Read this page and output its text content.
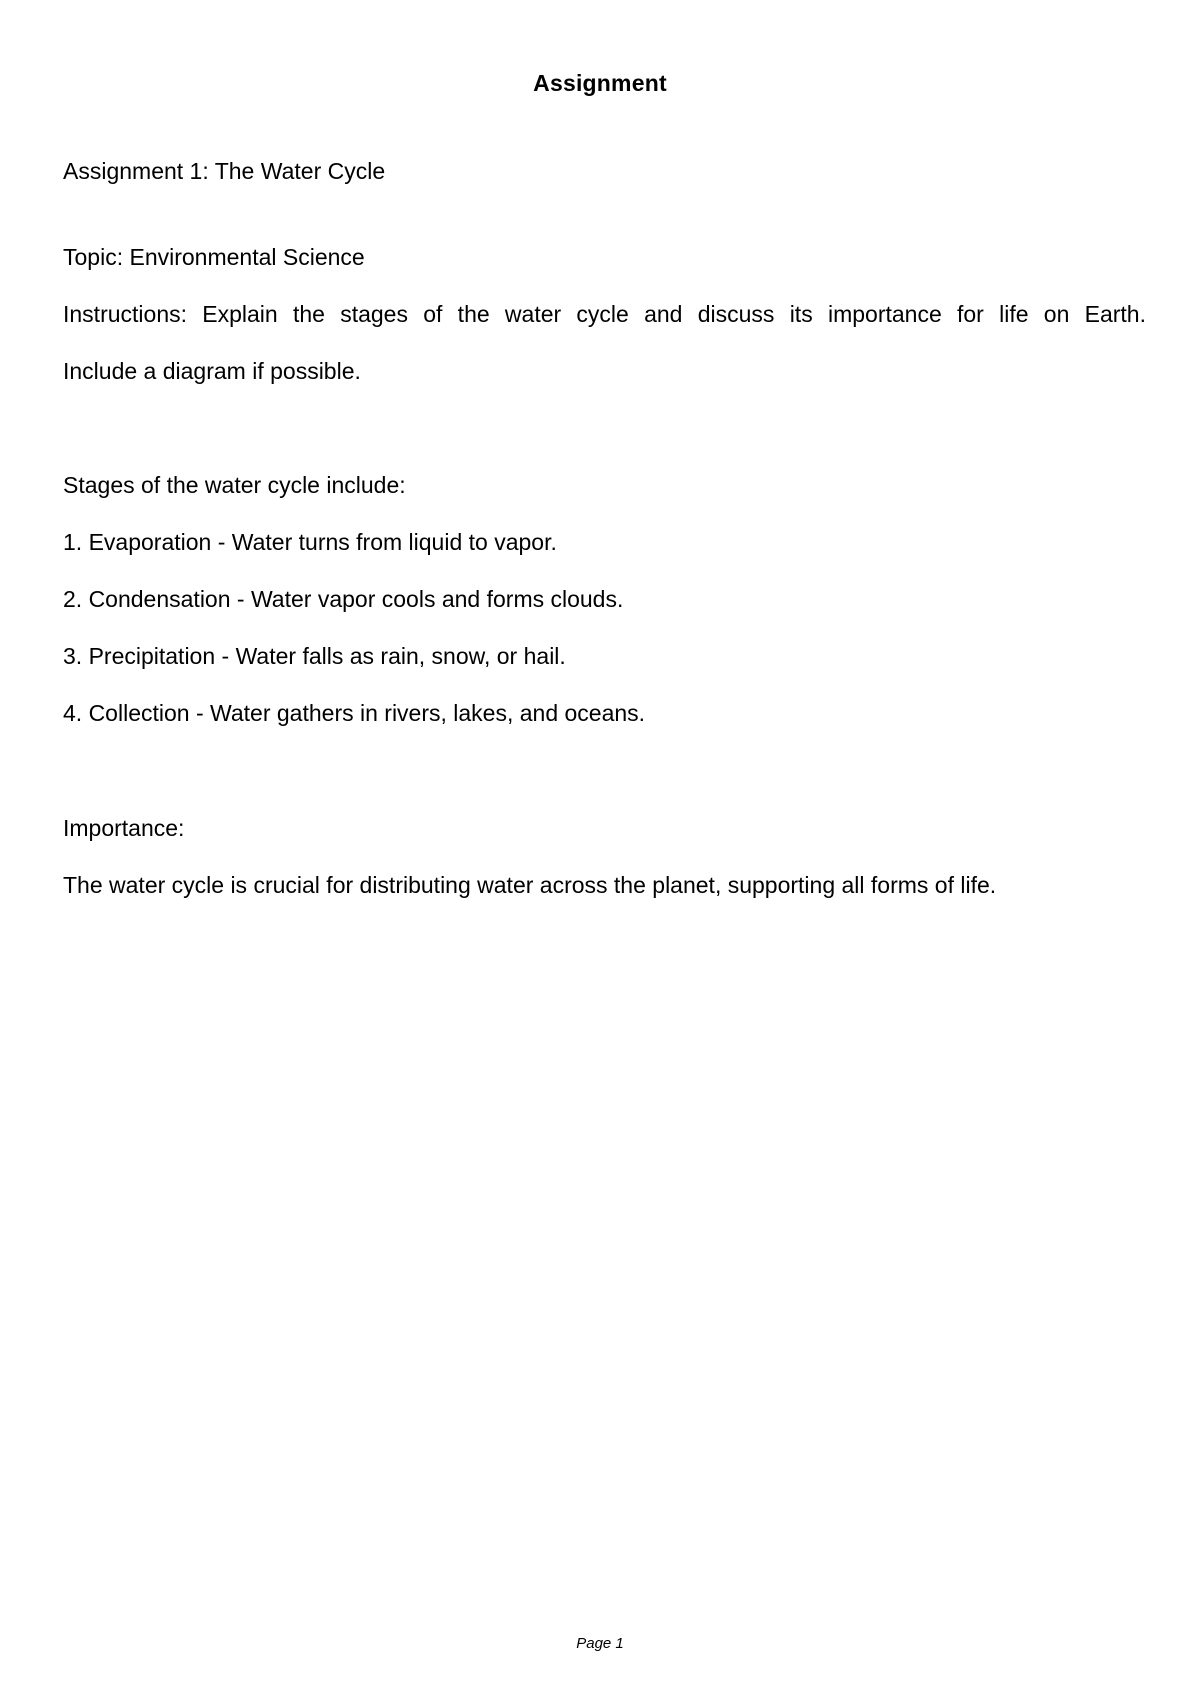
Assignment
Assignment 1: The Water Cycle
Topic: Environmental Science
Instructions: Explain the stages of the water cycle and discuss its importance for life on Earth.
Include a diagram if possible.
Stages of the water cycle include:
1. Evaporation - Water turns from liquid to vapor.
2. Condensation - Water vapor cools and forms clouds.
3. Precipitation - Water falls as rain, snow, or hail.
4. Collection - Water gathers in rivers, lakes, and oceans.
Importance:
The water cycle is crucial for distributing water across the planet, supporting all forms of life.
Page 1
